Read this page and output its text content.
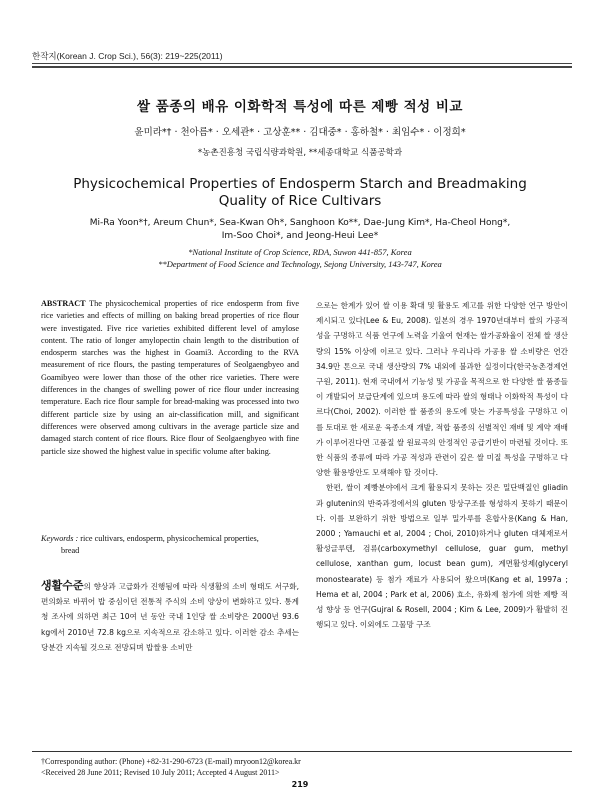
한작지(Korean J. Crop Sci.), 56(3): 219~225(2011)
쌀 품종의 배유 이화학적 특성에 따른 제빵 적성 비교
윤미라*† · 천아름* · 오세관* · 고상훈** · 김대중* · 홍하철* · 최임수* · 이정희*
*농촌진흥청 국립식량과학원, **세종대학교 식품공학과
Physicochemical Properties of Endosperm Starch and Breadmaking
Quality of Rice Cultivars
Mi-Ra Yoon*†, Areum Chun*, Sea-Kwan Oh*, Sanghoon Ko**, Dae-Jung Kim*, Ha-Cheol Hong*,
Im-Soo Choi*, and Jeong-Heui Lee*
*National Institute of Crop Science, RDA, Suwon 441-857, Korea
**Department of Food Science and Technology, Sejong University, 143-747, Korea
ABSTRACT The physicochemical properties of rice endosperm from five rice varieties and effects of milling on baking bread properties of rice flour were investigated. Five rice varieties exhibited different level of amylose content. The ratio of longer amylopectin chain length to the distribution of endosperm starches was the highest in Goami3. According to the RVA measurement of rice flours, the pasting temperatures of Seolgaengbyeo and Goamibyeo were lower than those of the other rice varieties. There were differences in the changes of swelling power of rice flour under increasing temperature. Each rice flour sample for bread-making was processed into two different particle size by using an air-classification mill, and significant differences were observed among cultivars in the average particle size and damaged starch content of rice flours. Rice flour of Seolgaengbyeo with fine particle size showed the highest value in specific volume after baking.
Keywords : rice cultivars, endosperm, physicochemical properties,
bread
생활수준의 향상과 고급화가 진행됨에 따라 식생활의 소비 형태도 서구화, 편의화로 바뀌어 밥 중심이던 전통적 주식의 소비 양상이 변화하고 있다. 통계청 조사에 의하면 최근 10여 년 동안 국내 1인당 쌀 소비량은 2000년 93.6 kg에서 2010년 72.8 kg으로 지속적으로 감소하고 있다. 이러한 감소 추세는 당분간 지속될 것으로 전망되며 밥쌀용 소비만

으로는 한계가 있어 쌀 이용 확대 및 활용도 제고를 위한 다양한 연구 방안이 제시되고 있다(Lee & Eu, 2008). 일본의 경우 1970년대부터 쌀의 가공적성을 구명하고 식품 연구에 노력을 기울여 현재는 쌀가공화율이 전체 쌀 생산량의 15% 이상에 이르고 있다. 그러나 우리나라 가공용 쌀 소비량은 연간 34.9만 톤으로 국내 생산량의 7% 내외에 불과한 실정이다(한국농촌경제연구원, 2011). 현재 국내에서 기능성 및 가공을 목적으로 한 다양한 쌀 품종들이 개발되어 보급단계에 있으며 용도에 따라 쌀의 형태나 이화학적 특성이 다르다(Choi, 2002). 이러한 쌀 품종의 용도에 맞는 가공특성을 구명하고 이를 토대로 한 새로운 육종소재 개발, 적합 품종의 선별적인 재배 및 계약 재배가 이루어진다면 고품질 쌀 원료곡의 안정적인 공급기반이 마련될 것이다. 또한 식품의 종류에 따라 가공 적성과 관련이 깊은 쌀 미질 특성을 구명하고 다양한 활용방안도 모색해야 할 것이다.

한편, 쌀이 제빵분야에서 크게 활용되지 못하는 것은 밀단백질인 gliadin과 glutenin의 반죽과정에서의 gluten 망상구조를 형성하지 못하기 때문이다. 이를 보완하기 위한 방법으로 일부 밀가루를 혼합사용(Kang & Han, 2000 ; Yamauchi et al, 2004 ; Choi, 2010)하거나 gluten 대체재로서 활성글루텐, 검류(carboxymethyl cellulose, guar gum, methyl cellulose, xanthan gum, locust bean gum), 계면활성제(glyceryl monostearate) 등 첨가 재료가 사용되어 왔으며(Kang et al, 1997a ; Hema et al, 2004 ; Park et al, 2006) 효소, 유화제 첨가에 의한 제빵 적성 향상 등 연구(Gujral & Rosell, 2004 ; Kim & Lee, 2009)가 활발히 진행되고 있다. 이외에도 그물망 구조

†Corresponding author: (Phone) +82-31-290-6723 (E-mail) mryoon12@korea.kr
<Received 28 June 2011; Revised 10 July 2011; Accepted 4 August 2011>
219
